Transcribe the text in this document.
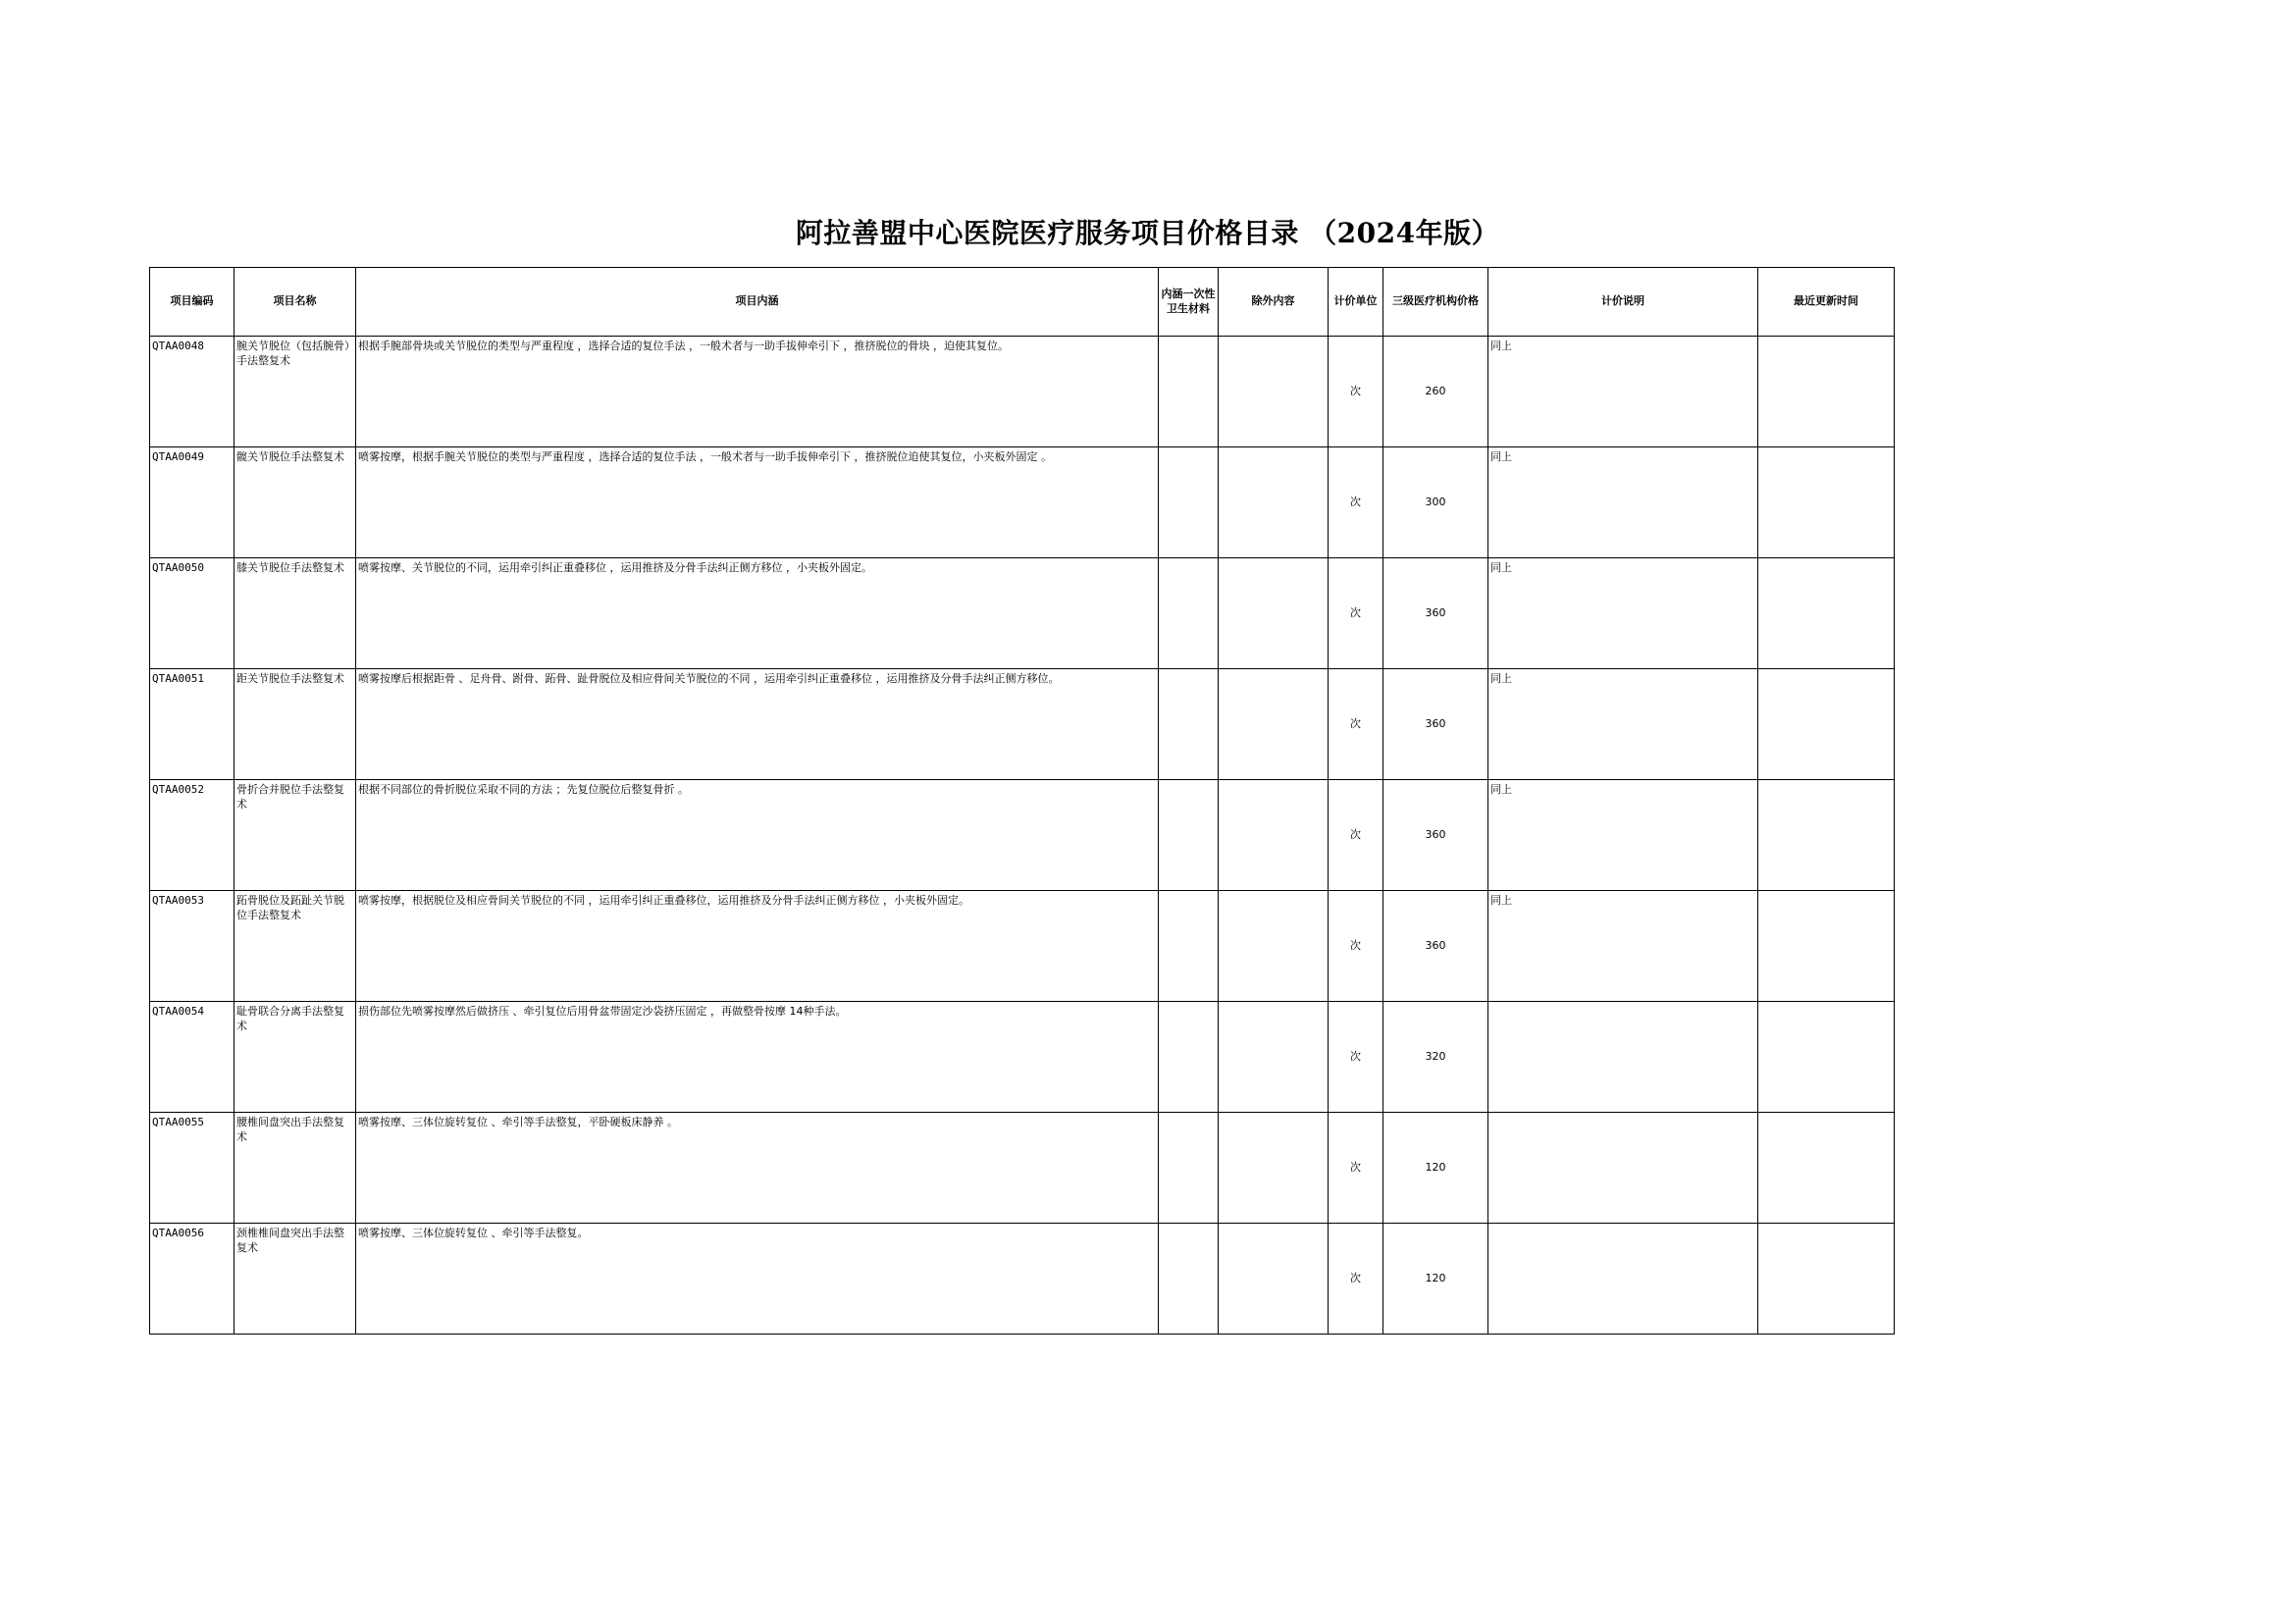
阿拉善盟中心医院医疗服务项目价格目录 （2024年版）
项目编码	项目名称	项目内涵	内涵一次性卫生材料	除外内容	计价单位	三级医疗机构价格	计价说明	最近更新时间
QTAA0048	腕关节脱位（包括腕骨）手法整复术	根据手腕部骨块或关节脱位的类型与严重程度 ，选择合适的复位手法 ，一般术者与一助手拔伸牵引下 ，推挤脱位的骨块 ，迫使其复位。			次	260	同上	
QTAA0049	髋关节脱位手法整复术	喷雾按摩，根据手腕关节脱位的类型与严重程度 ，选择合适的复位手法 ，一般术者与一助手拔伸牵引下 ，推挤脱位迫使其复位，小夹板外固定 。			次	300	同上	
QTAA0050	膝关节脱位手法整复术	喷雾按摩、关节脱位的不同，运用牵引纠正重叠移位 ，运用推挤及分骨手法纠正侧方移位 ，小夹板外固定。			次	360	同上	
QTAA0051	距关节脱位手法整复术	喷雾按摩后根据距骨 、足舟骨、跗骨、跖骨、趾骨脱位及相应骨间关节脱位的不同 ，运用牵引纠正重叠移位 ，运用推挤及分骨手法纠正侧方移位。			次	360	同上	
QTAA0052	骨折合并脱位手法整复术	根据不同部位的骨折脱位采取不同的方法 ；先复位脱位后整复骨折 。			次	360	同上	
QTAA0053	跖骨脱位及跖趾关节脱位手法整复术	喷雾按摩，根据脱位及相应骨间关节脱位的不同 ，运用牵引纠正重叠移位，运用推挤及分骨手法纠正侧方移位 ，小夹板外固定。			次	360	同上	
QTAA0054	耻骨联合分离手法整复术	损伤部位先喷雾按摩然后做挤压 、牵引复位后用骨盆带固定沙袋挤压固定 ，再做整骨按摩 14种手法。			次	320		
QTAA0055	腰椎间盘突出手法整复术	喷雾按摩、三体位旋转复位 、牵引等手法整复，平卧硬板床静养 。			次	120		
QTAA0056	颈椎椎间盘突出手法整复术	喷雾按摩、三体位旋转复位 、牵引等手法整复。			次	120		
